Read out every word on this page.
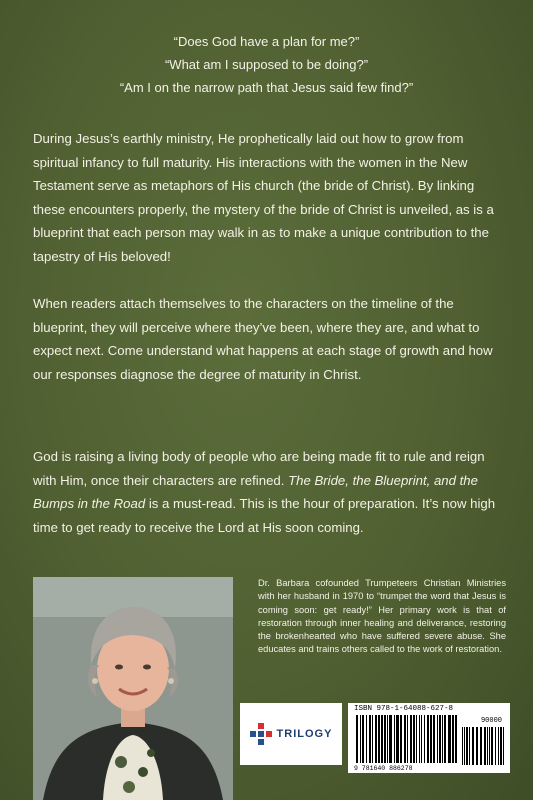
“Does God have a plan for me?”
“What am I supposed to be doing?”
“Am I on the narrow path that Jesus said few find?”

During Jesus’s earthly ministry, He prophetically laid out how to grow from spiritual infancy to full maturity. His interactions with the women in the New Testament serve as metaphors of His church (the bride of Christ). By linking these encounters properly, the mystery of the bride of Christ is unveiled, as is a blueprint that each person may walk in as to make a unique contribution to the tapestry of His beloved!

When readers attach themselves to the characters on the timeline of the blueprint, they will perceive where they’ve been, where they are, and what to expect next. Come understand what happens at each stage of growth and how our responses diagnose the degree of maturity in Christ.

God is raising a living body of people who are being made fit to rule and reign with Him, once their characters are refined. The Bride, the Blueprint, and the Bumps in the Road is a must-read. This is the hour of preparation. It’s now high time to get ready to receive the Lord at His soon coming.

Dr. Barbara cofounded Trumpeteers Christian Ministries with her husband in 1970 to “trumpet the word that Jesus is coming soon: get ready!” Her primary work is that of restoration through inner healing and deliverance, restoring the brokenhearted who have suffered severe abuse. She educates and trains others called to the work of restoration.

TRILOGY
ISBN 978-1-64088-627-8
90000
9 781640 886278
